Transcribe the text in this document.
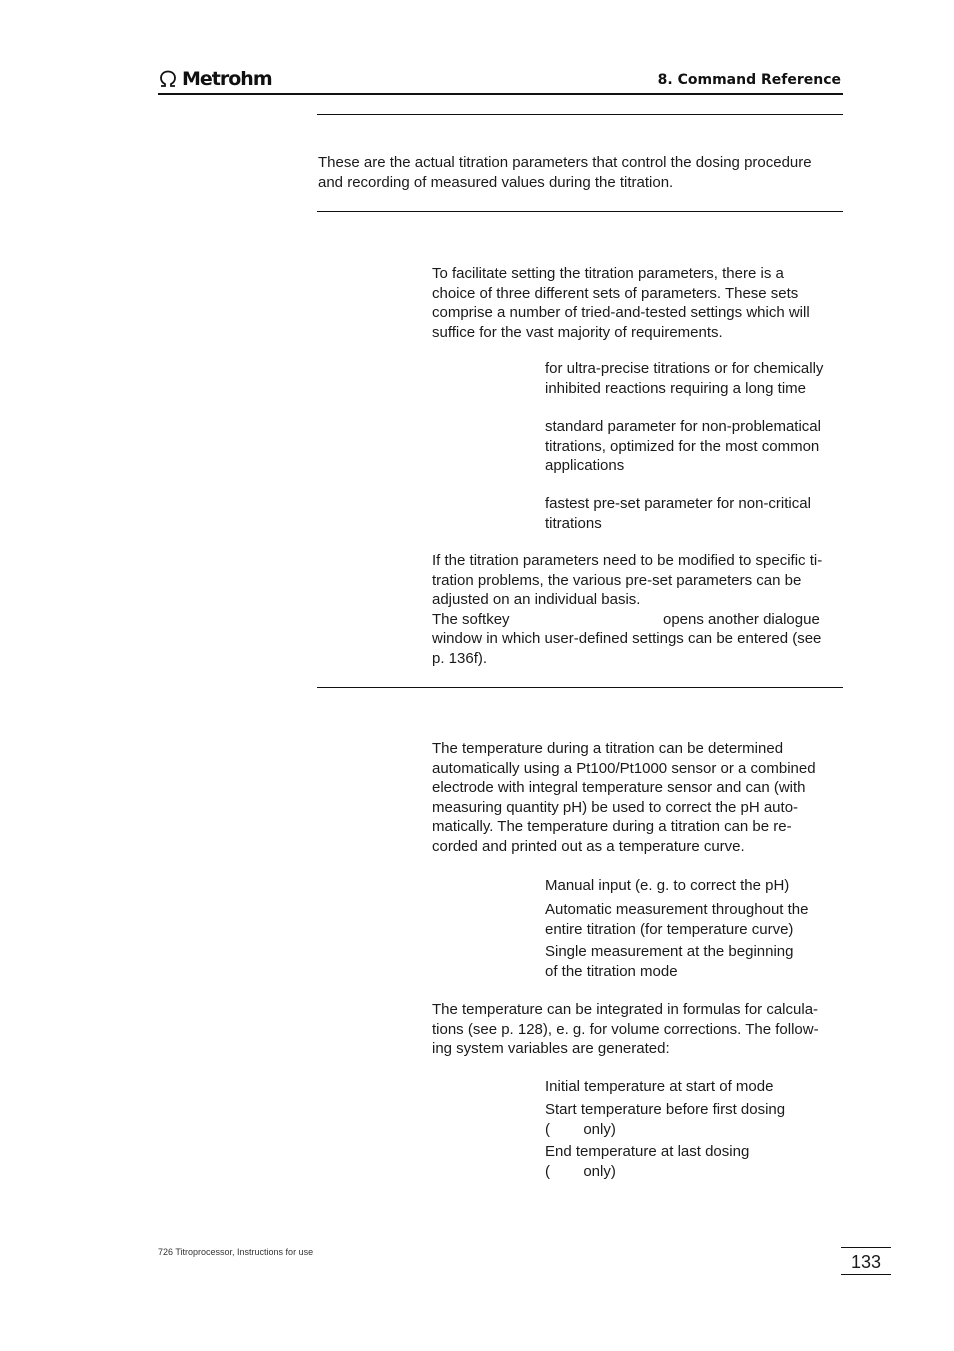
Metrohm	8. Command Reference
These are the actual titration parameters that control the dosing procedure
and recording of measured values during the titration.
To facilitate setting the titration parameters, there is a
choice of three different sets of parameters. These sets
comprise a number of tried-and-tested settings which will
suffice for the vast majority of requirements.
for ultra-precise titrations or for chemically
inhibited reactions requiring a long time
standard parameter for non-problematical
titrations, optimized for the most common
applications
fastest pre-set parameter for non-critical
titrations
If the titration parameters need to be modified to specific ti-
tration problems, the various pre-set parameters can be
adjusted on an individual basis.
The softkey	opens another dialogue
window in which user-defined settings can be entered (see
p. 136f).
The temperature during a titration can be determined
automatically using a Pt100/Pt1000 sensor or a combined
electrode with integral temperature sensor and can (with
measuring quantity pH) be used to correct the pH auto-
matically. The temperature during a titration can be re-
corded and printed out as a temperature curve.
Manual input (e. g. to correct the pH)
Automatic measurement throughout the
entire titration (for temperature curve)
Single measurement at the beginning
of the titration mode
The temperature can be integrated in formulas for calcula-
tions (see p. 128), e. g. for volume corrections. The follow-
ing system variables are generated:
Initial temperature at start of mode
Start temperature before first dosing
(        only)
End temperature at last dosing
(        only)
726 Titroprocessor, Instructions for use	133
